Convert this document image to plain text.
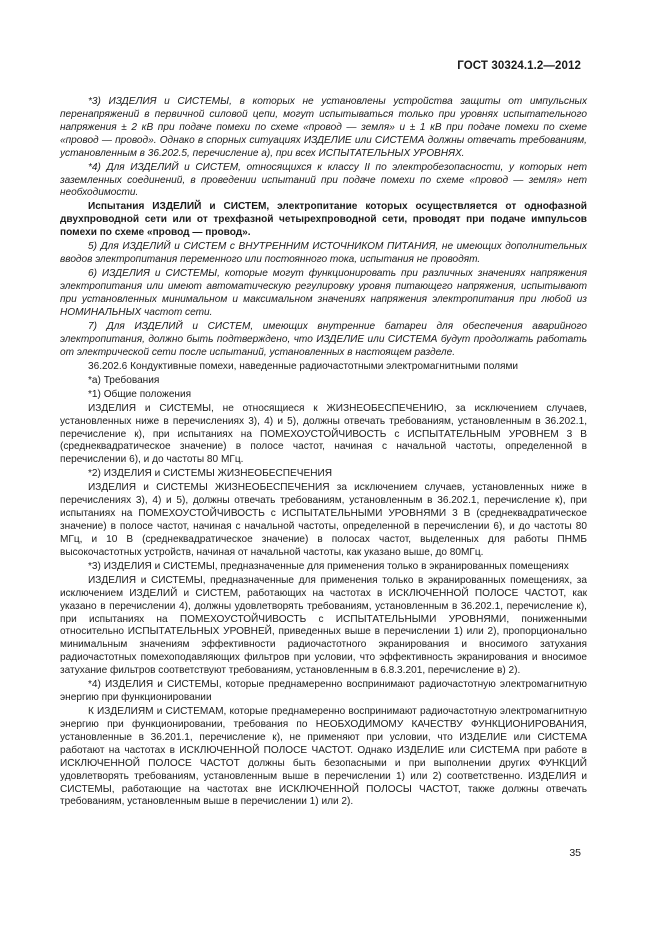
ГОСТ 30324.1.2—2012

*3) ИЗДЕЛИЯ и СИСТЕМЫ, в которых не установлены устройства защиты от импульсных перенапряжений в первичной силовой цепи, могут испытываться только при уровнях испытательного напряжения ± 2 кВ при подаче помехи по схеме «провод — земля» и ± 1 кВ при подаче помехи по схеме «провод — провод». Однако в спорных ситуациях ИЗДЕЛИЕ или СИСТЕМА должны отвечать требованиям, установленным в 36.202.5, перечисление а), при всех ИСПЫТАТЕЛЬНЫХ УРОВНЯХ.

*4) Для ИЗДЕЛИЙ и СИСТЕМ, относящихся к классу II по электробезопасности, у которых нет заземленных соединений, в проведении испытаний при подаче помехи по схеме «провод — земля» нет необходимости.

Испытания ИЗДЕЛИЙ и СИСТЕМ, электропитание которых осуществляется от однофазной двухпроводной сети или от трехфазной четырехпроводной сети, проводят при подаче импульсов помехи по схеме «провод — провод».

5) Для ИЗДЕЛИЙ и СИСТЕМ с ВНУТРЕННИМ ИСТОЧНИКОМ ПИТАНИЯ, не имеющих дополнительных вводов электропитания переменного или постоянного тока, испытания не проводят.

6) ИЗДЕЛИЯ и СИСТЕМЫ, которые могут функционировать при различных значениях напряжения электропитания или имеют автоматическую регулировку уровня питающего напряжения, испытывают при установленных минимальном и максимальном значениях напряжения электропитания при любой из НОМИНАЛЬНЫХ частот сети.

7) Для ИЗДЕЛИЙ и СИСТЕМ, имеющих внутренние батареи для обеспечения аварийного электропитания, должно быть подтверждено, что ИЗДЕЛИЕ или СИСТЕМА будут продолжать работать от электрической сети после испытаний, установленных в настоящем разделе.

36.202.6 Кондуктивные помехи, наведенные радиочастотными электромагнитными полями

*а) Требования

*1) Общие положения

ИЗДЕЛИЯ и СИСТЕМЫ, не относящиеся к ЖИЗНЕОБЕСПЕЧЕНИЮ, за исключением случаев, установленных ниже в перечислениях 3), 4) и 5), должны отвечать требованиям, установленным в 36.202.1, перечисление к), при испытаниях на ПОМЕХОУСТОЙЧИВОСТЬ с ИСПЫТАТЕЛЬНЫМ УРОВНЕМ 3 В (среднеквадратическое значение) в полосе частот, начиная с начальной частоты, определенной в перечислении 6), и до частоты 80 МГц.

*2) ИЗДЕЛИЯ и СИСТЕМЫ ЖИЗНЕОБЕСПЕЧЕНИЯ

ИЗДЕЛИЯ и СИСТЕМЫ ЖИЗНЕОБЕСПЕЧЕНИЯ за исключением случаев, установленных ниже в перечислениях 3), 4) и 5), должны отвечать требованиям, установленным в 36.202.1, перечисление к), при испытаниях на ПОМЕХОУСТОЙЧИВОСТЬ с ИСПЫТАТЕЛЬНЫМИ УРОВНЯМИ 3 В (среднеквадратическое значение) в полосе частот, начиная с начальной частоты, определенной в перечислении 6), и до частоты 80 МГц, и 10 В (среднеквадратическое значение) в полосах частот, выделенных для работы ПНМБ высокочастотных устройств, начиная от начальной частоты, как указано выше, до 80МГц.

*3) ИЗДЕЛИЯ и СИСТЕМЫ, предназначенные для применения только в экранированных помещениях

ИЗДЕЛИЯ и СИСТЕМЫ, предназначенные для применения только в экранированных помещениях, за исключением ИЗДЕЛИЙ и СИСТЕМ, работающих на частотах в ИСКЛЮЧЕННОЙ ПОЛОСЕ ЧАСТОТ, как указано в перечислении 4), должны удовлетворять требованиям, установленным в 36.202.1, перечисление к), при испытаниях на ПОМЕХОУСТОЙЧИВОСТЬ с ИСПЫТАТЕЛЬНЫМИ УРОВНЯМИ, пониженными относительно ИСПЫТАТЕЛЬНЫХ УРОВНЕЙ, приведенных выше в перечислении 1) или 2), пропорционально минимальным значениям эффективности радиочастотного экранирования и вносимого затухания радиочастотных помехоподавляющих фильтров при условии, что эффективность экранирования и вносимое затухание фильтров соответствуют требованиям, установленным в 6.8.3.201, перечисление в) 2).

*4) ИЗДЕЛИЯ и СИСТЕМЫ, которые преднамеренно воспринимают радиочастотную электромагнитную энергию при функционировании

К ИЗДЕЛИЯМ и СИСТЕМАМ, которые преднамеренно воспринимают радиочастотную электромагнитную энергию при функционировании, требования по НЕОБХОДИМОМУ КАЧЕСТВУ ФУНКЦИОНИРОВАНИЯ, установленные в 36.201.1, перечисление к), не применяют при условии, что ИЗДЕЛИЕ или СИСТЕМА работают на частотах в ИСКЛЮЧЕННОЙ ПОЛОСЕ ЧАСТОТ. Однако ИЗДЕЛИЕ или СИСТЕМА при работе в ИСКЛЮЧЕННОЙ ПОЛОСЕ ЧАСТОТ должны быть безопасными и при выполнении других ФУНКЦИЙ удовлетворять требованиям, установленным выше в перечислении 1) или 2) соответственно. ИЗДЕЛИЯ и СИСТЕМЫ, работающие на частотах вне ИСКЛЮЧЕННОЙ ПОЛОСЫ ЧАСТОТ, также должны отвечать требованиям, установленным выше в перечислении 1) или 2).

35
